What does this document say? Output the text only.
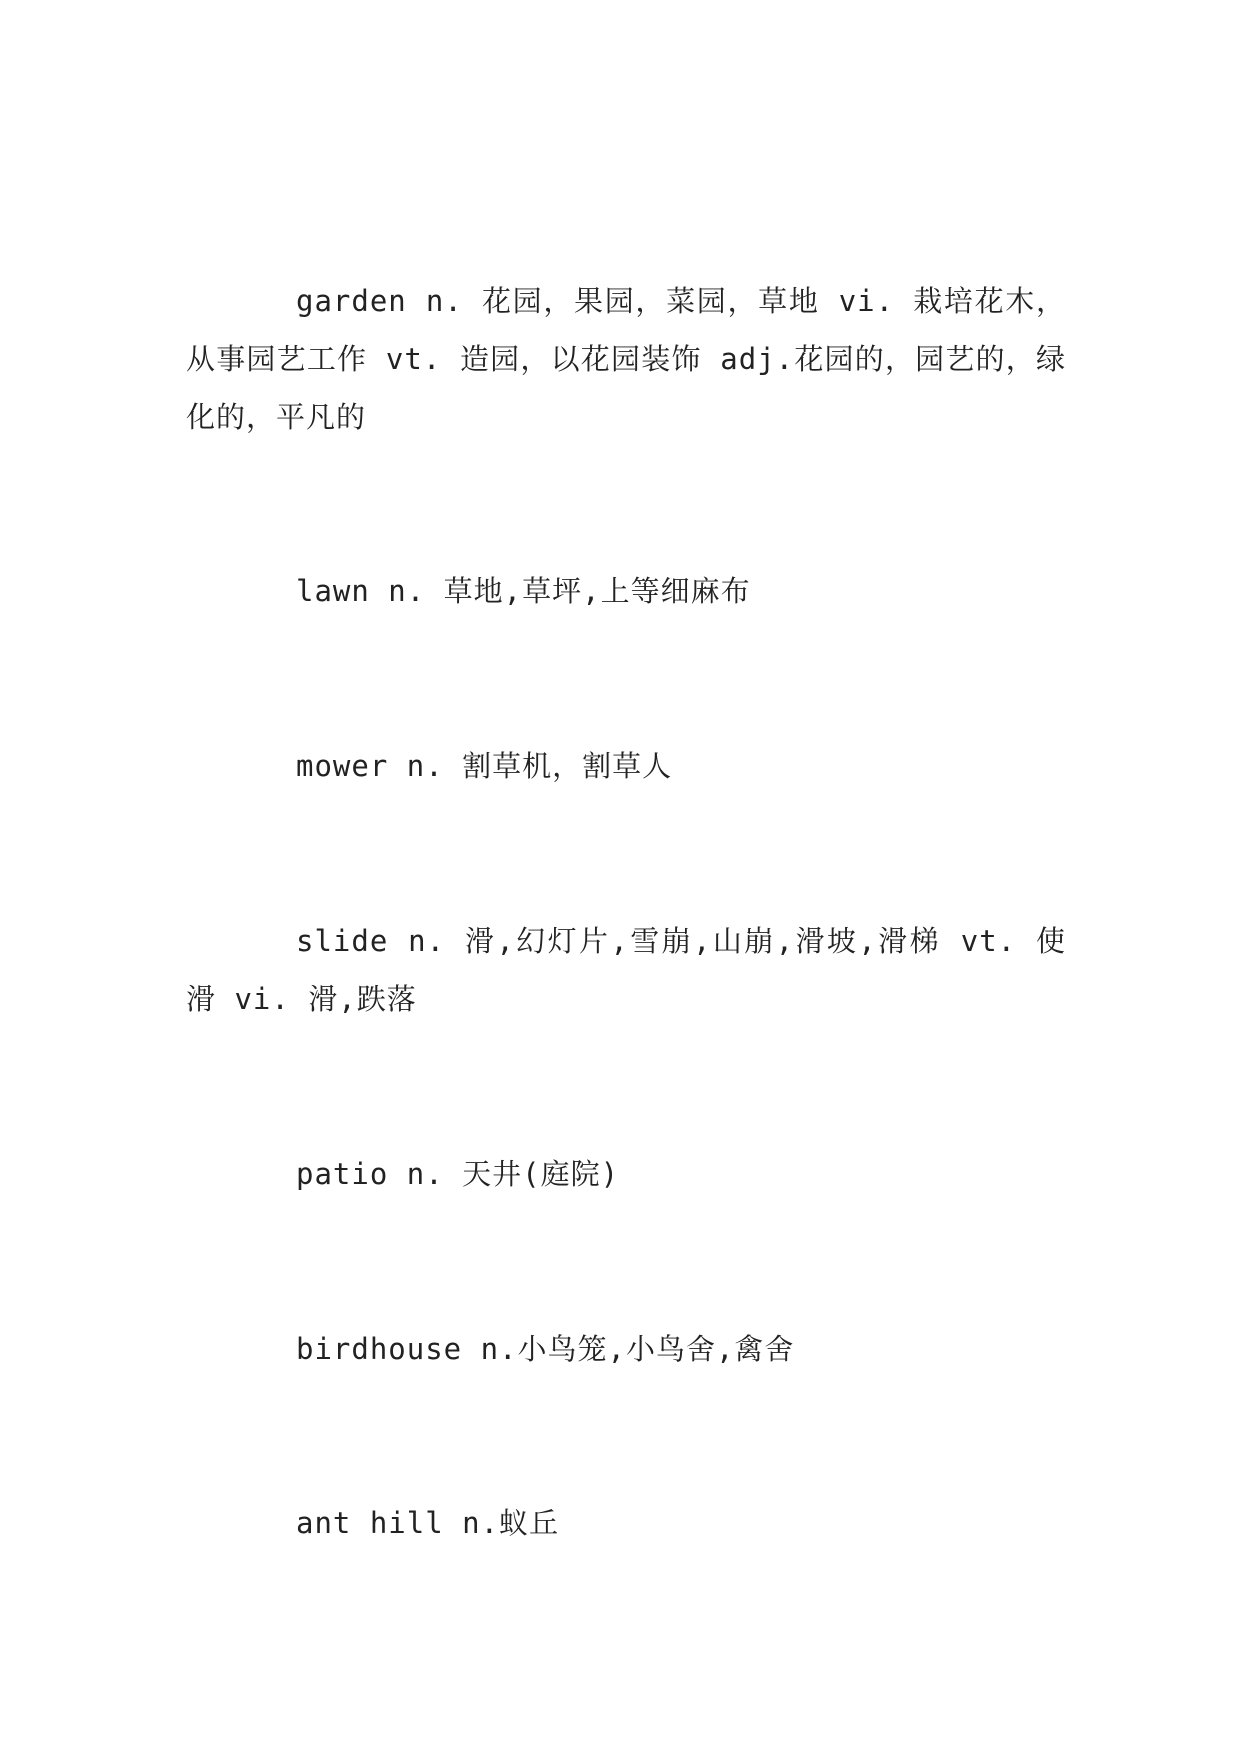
garden n. 花园，果园，菜园，草地 vi. 栽培花木，从事园艺工作 vt. 造园，以花园装饰 adj.花园的，园艺的，绿化的，平凡的

lawn n. 草地,草坪,上等细麻布

mower n. 割草机，割草人

slide n. 滑,幻灯片,雪崩,山崩,滑坡,滑梯 vt. 使滑 vi. 滑,跌落

patio n. 天井(庭院)

birdhouse n.小鸟笼,小鸟舍,禽舍

ant hill n.蚁丘
